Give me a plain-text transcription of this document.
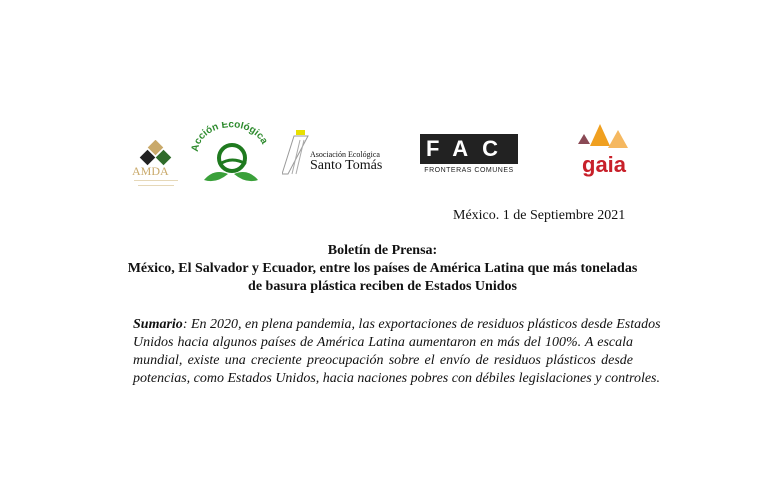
AMDA
Acción Ecológica
Asociación Ecológica
Santo Tomás
FAC
FRONTERAS COMUNES	gaia
México. 1 de Septiembre 2021
Boletín de Prensa:
México, El Salvador y Ecuador, entre los países de América Latina que más toneladas
de basura plástica reciben de Estados Unidos
Sumario: En 2020, en plena pandemia, las exportaciones de residuos plásticos desde Estados
Unidos hacia algunos países de América Latina aumentaron en más del 100%. A escala
mundial, existe una creciente preocupación sobre el envío de residuos plásticos desde
potencias, como Estados Unidos, hacia naciones pobres con débiles legislaciones y controles.
